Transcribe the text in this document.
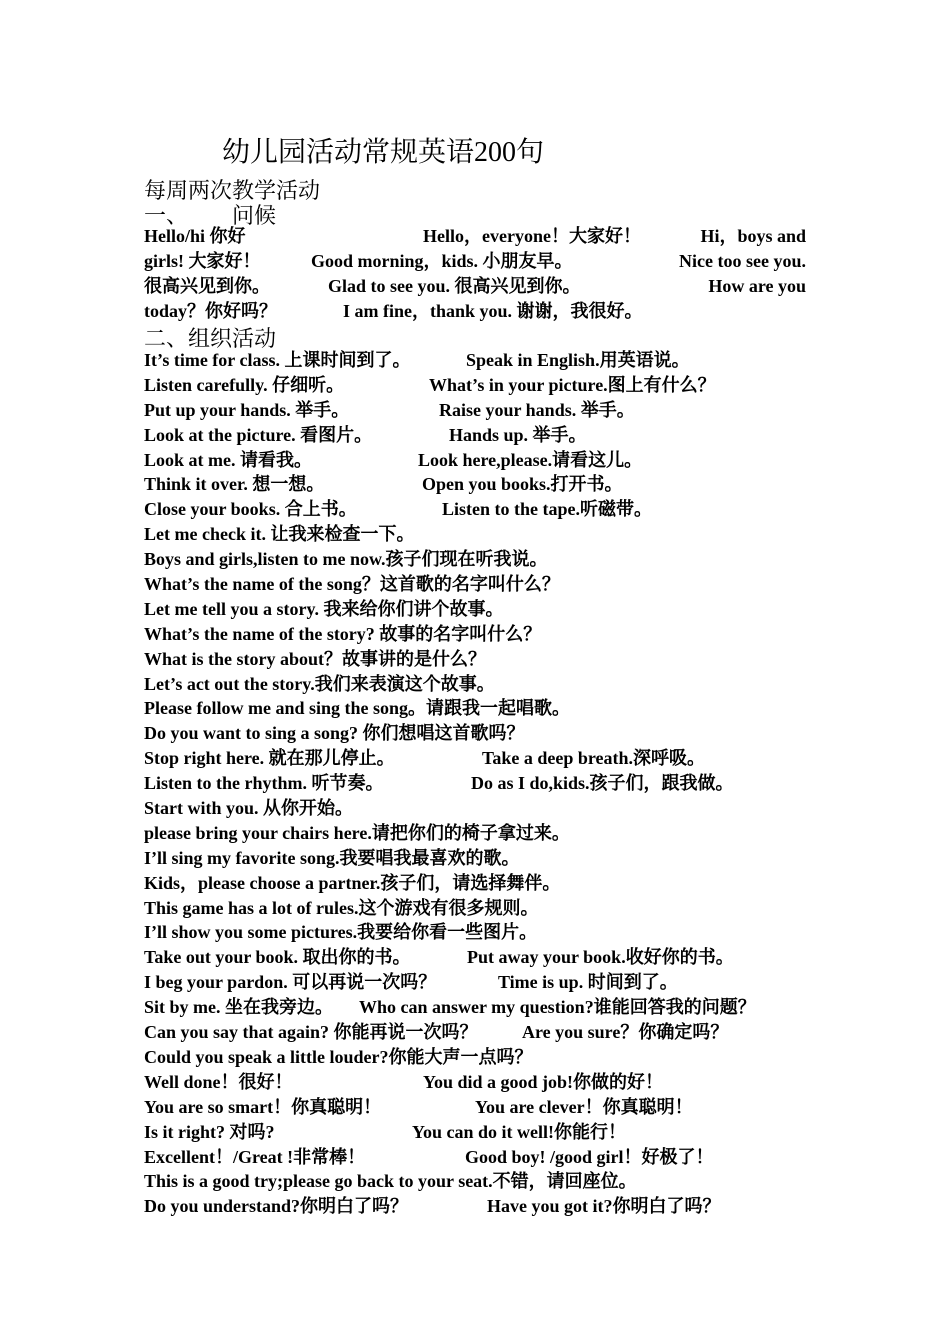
幼儿园活动常规英语200句
每周两次教学活动
一、 问候
Hello/hi 你好	Hello，everyone！大家好！	Hi，boys and
girls! 大家好！	Good morning，kids. 小朋友早。	Nice too see you.
很高兴见到你。	Glad to see you. 很高兴见到你。	How are you
today？你好吗？	I am fine，thank you. 谢谢，我很好。
二、组织活动
It’s time for class. 上课时间到了。	Speak in English.用英语说。
Listen carefully. 仔细听。	What’s in your picture.图上有什么？
Put up your hands. 举手。	Raise your hands. 举手。
Look at the picture. 看图片。	Hands up. 举手。
Look at me. 请看我。	Look here,please.请看这儿。
Think it over. 想一想。	Open you books.打开书。
Close your books. 合上书。	Listen to the tape.听磁带。
Let me check it. 让我来检查一下。
Boys and girls,listen to me now.孩子们现在听我说。
What’s the name of the song？这首歌的名字叫什么？
Let me tell you a story. 我来给你们讲个故事。
What’s the name of the story? 故事的名字叫什么？
What is the story about？故事讲的是什么？
Let’s act out the story.我们来表演这个故事。
Please follow me and sing the song。请跟我一起唱歌。
Do you want to sing a song? 你们想唱这首歌吗？
Stop right here. 就在那儿停止。	Take a deep breath.深呼吸。
Listen to the rhythm. 听节奏。	Do as I do,kids.孩子们，跟我做。
Start with you. 从你开始。
please bring your chairs here.请把你们的椅子拿过来。
I’ll sing my favorite song.我要唱我最喜欢的歌。
Kids，please choose a partner.孩子们，请选择舞伴。
This game has a lot of rules.这个游戏有很多规则。
I’ll show you some pictures.我要给你看一些图片。
Take out your book. 取出你的书。	Put away your book.收好你的书。
I beg your pardon. 可以再说一次吗？	Time is up. 时间到了。
Sit by me. 坐在我旁边。 Who can answer my question?谁能回答我的问题？
Can you say that again? 你能再说一次吗？ Are you sure？你确定吗？
Could you speak a little louder?你能大声一点吗？
Well done！很好！	You did a good job!你做的好！
You are so smart！你真聪明！	You are clever！你真聪明！
Is it right? 对吗?	You can do it well!你能行！
Excellent！/Great !非常棒！	Good boy! /good girl！好极了！
This is a good try;please go back to your seat.不错，请回座位。
Do you understand?你明白了吗？	Have you got it?你明白了吗？
